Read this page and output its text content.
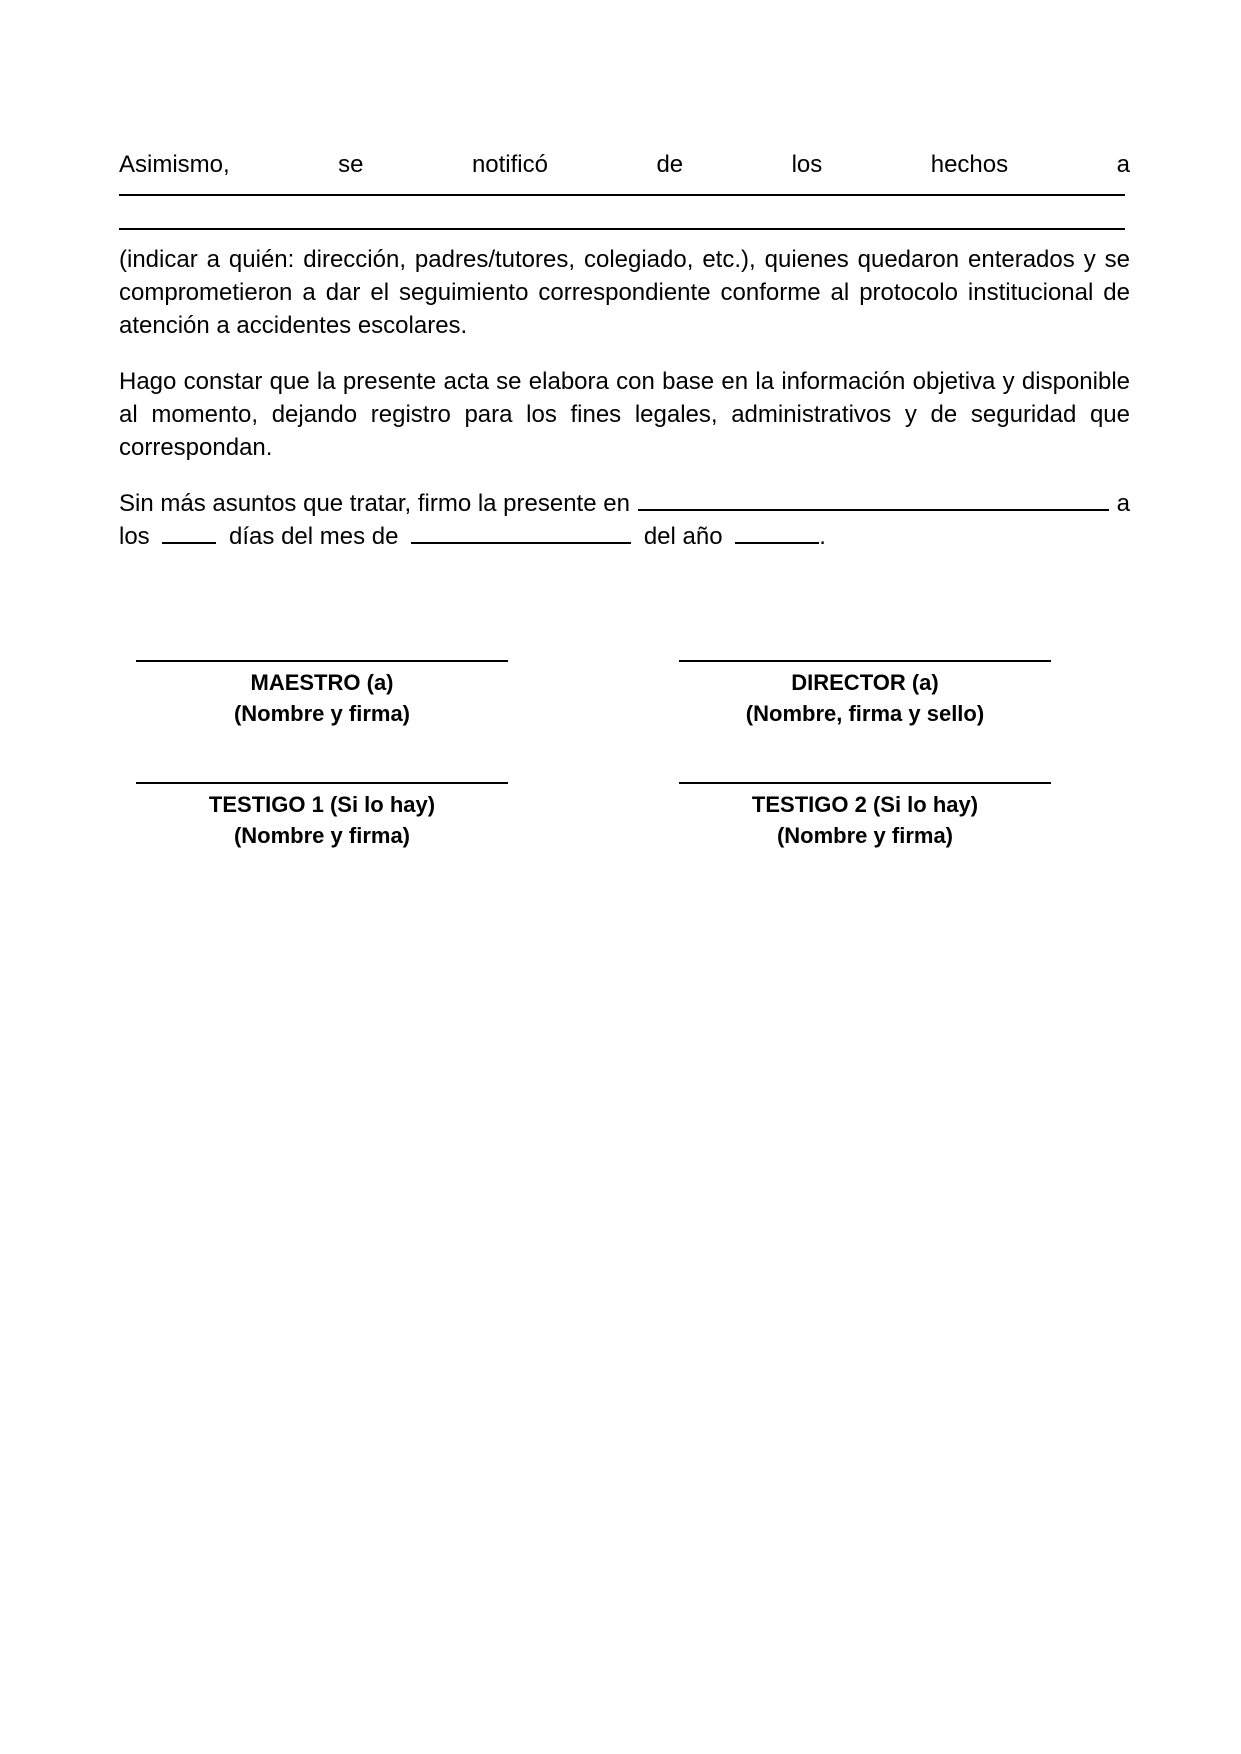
Asimismo,	se	notificó	de	los	hechos	a

(indicar a quién: dirección, padres/tutores, colegiado, etc.), quienes quedaron enterados y se comprometieron a dar el seguimiento correspondiente conforme al protocolo institucional de atención a accidentes escolares.

Hago constar que la presente acta se elabora con base en la información objetiva y disponible al momento, dejando registro para los fines legales, administrativos y de seguridad que correspondan.

Sin más asuntos que tratar, firmo la presente en	a
los	días del mes de	del año	.
MAESTRO (a)
(Nombre y firma)
DIRECTOR (a)
(Nombre, firma y sello)
TESTIGO 1 (Si lo hay)
(Nombre y firma)
TESTIGO 2 (Si lo hay)
(Nombre y firma)
